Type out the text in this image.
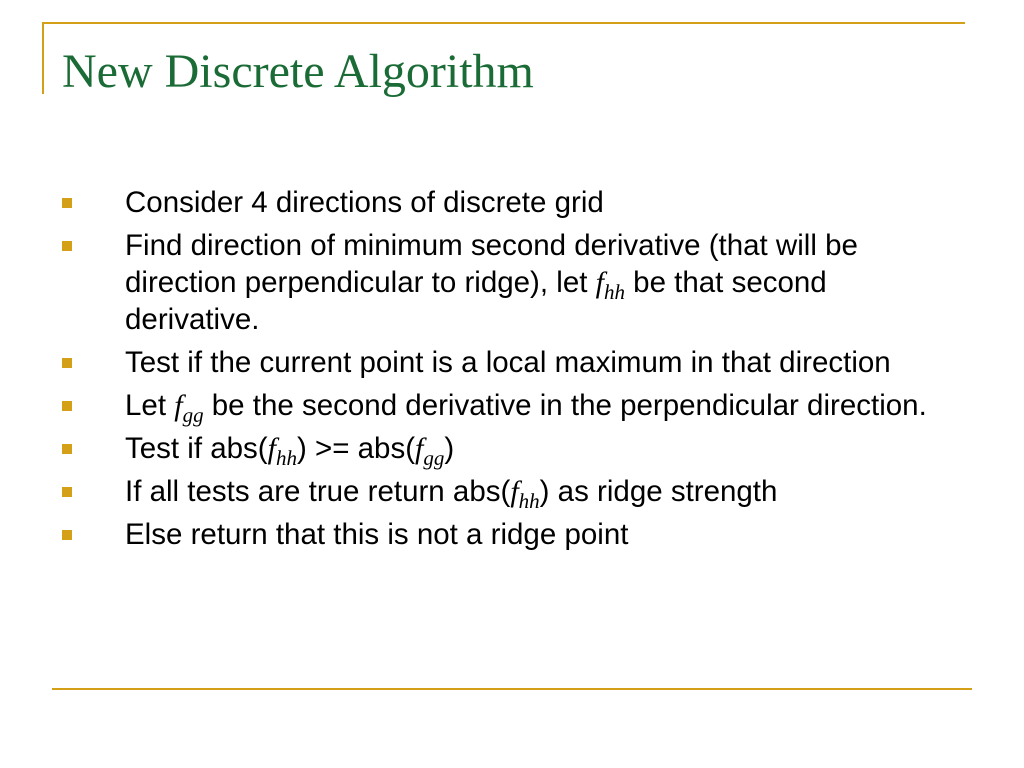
New Discrete Algorithm
Consider 4 directions of discrete grid
Find direction of minimum second derivative (that will be direction perpendicular to ridge), let $f_{hh}$ be that second derivative.
Test if the current point is a local maximum in that direction
Let $f_{gg}$ be the second derivative in the perpendicular direction.
Test if $abs(f_{hh}) >= abs(f_{gg})$
If all tests are true return $abs(f_{hh})$ as ridge strength
Else return that this is not a ridge point
